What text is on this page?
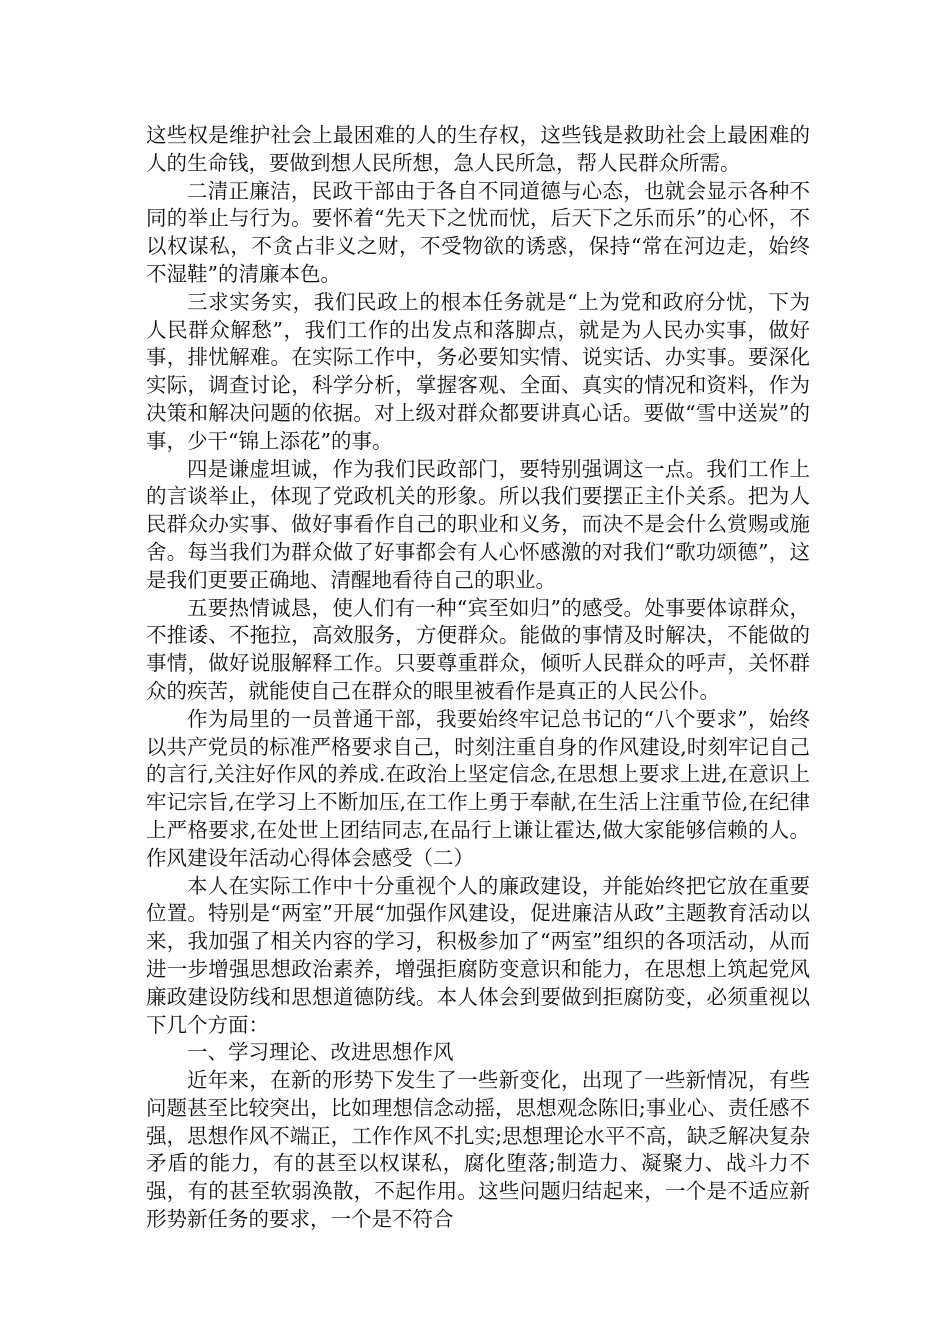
这些权是维护社会上最困难的人的生存权，这些钱是救助社会上最困难的人的生命钱，要做到想人民所想，急人民所急，帮人民群众所需。

二清正廉洁，民政干部由于各自不同道德与心态，也就会显示各种不同的举止与行为。要怀着“先天下之忧而忧，后天下之乐而乐”的心怀，不以权谋私，不贪占非义之财，不受物欲的诱惑，保持“常在河边走，始终不湿鞋”的清廉本色。

三求实务实，我们民政上的根本任务就是“上为党和政府分忧，下为人民群众解愁”，我们工作的出发点和落脚点，就是为人民办实事，做好事，排忧解难。在实际工作中，务必要知实情、说实话、办实事。要深化实际，调查讨论，科学分析，掌握客观、全面、真实的情况和资料，作为决策和解决问题的依据。对上级对群众都要讲真心话。要做“雪中送炭”的事，少干“锦上添花”的事。

四是谦虚坦诚，作为我们民政部门，要特别强调这一点。我们工作上的言谈举止，体现了党政机关的形象。所以我们要摆正主仆关系。把为人民群众办实事、做好事看作自己的职业和义务，而决不是会什么赏赐或施舍。每当我们为群众做了好事都会有人心怀感激的对我们“歌功颂德”，这是我们更要正确地、清醒地看待自己的职业。

五要热情诚恳，使人们有一种“宾至如归”的感受。处事要体谅群众，不推诿、不拖拉，高效服务，方便群众。能做的事情及时解决，不能做的事情，做好说服解释工作。只要尊重群众，倾听人民群众的呼声，关怀群众的疾苦，就能使自己在群众的眼里被看作是真正的人民公仆。

作为局里的一员普通干部，我要始终牢记总书记的“八个要求”，始终以共产党员的标准严格要求自己，时刻注重自身的作风建设,时刻牢记自己的言行,关注好作风的养成.在政治上坚定信念,在思想上要求上进,在意识上牢记宗旨,在学习上不断加压,在工作上勇于奉献,在生活上注重节俭,在纪律上严格要求,在处世上团结同志,在品行上谦让霍达,做大家能够信赖的人。作风建设年活动心得体会感受（二）

本人在实际工作中十分重视个人的廉政建设，并能始终把它放在重要位置。特别是“两室”开展“加强作风建设，促进廉洁从政”主题教育活动以来，我加强了相关内容的学习，积极参加了“两室”组织的各项活动，从而进一步增强思想政治素养，增强拒腐防变意识和能力，在思想上筑起党风廉政建设防线和思想道德防线。本人体会到要做到拒腐防变，必须重视以下几个方面：

一、学习理论、改进思想作风

近年来，在新的形势下发生了一些新变化，出现了一些新情况，有些问题甚至比较突出，比如理想信念动摇，思想观念陈旧;事业心、责任感不强，思想作风不端正，工作作风不扎实;思想理论水平不高，缺乏解决复杂矛盾的能力，有的甚至以权谋私，腐化堕落;制造力、凝聚力、战斗力不强，有的甚至软弱涣散，不起作用。这些问题归结起来，一个是不适应新形势新任务的要求，一个是不符合
